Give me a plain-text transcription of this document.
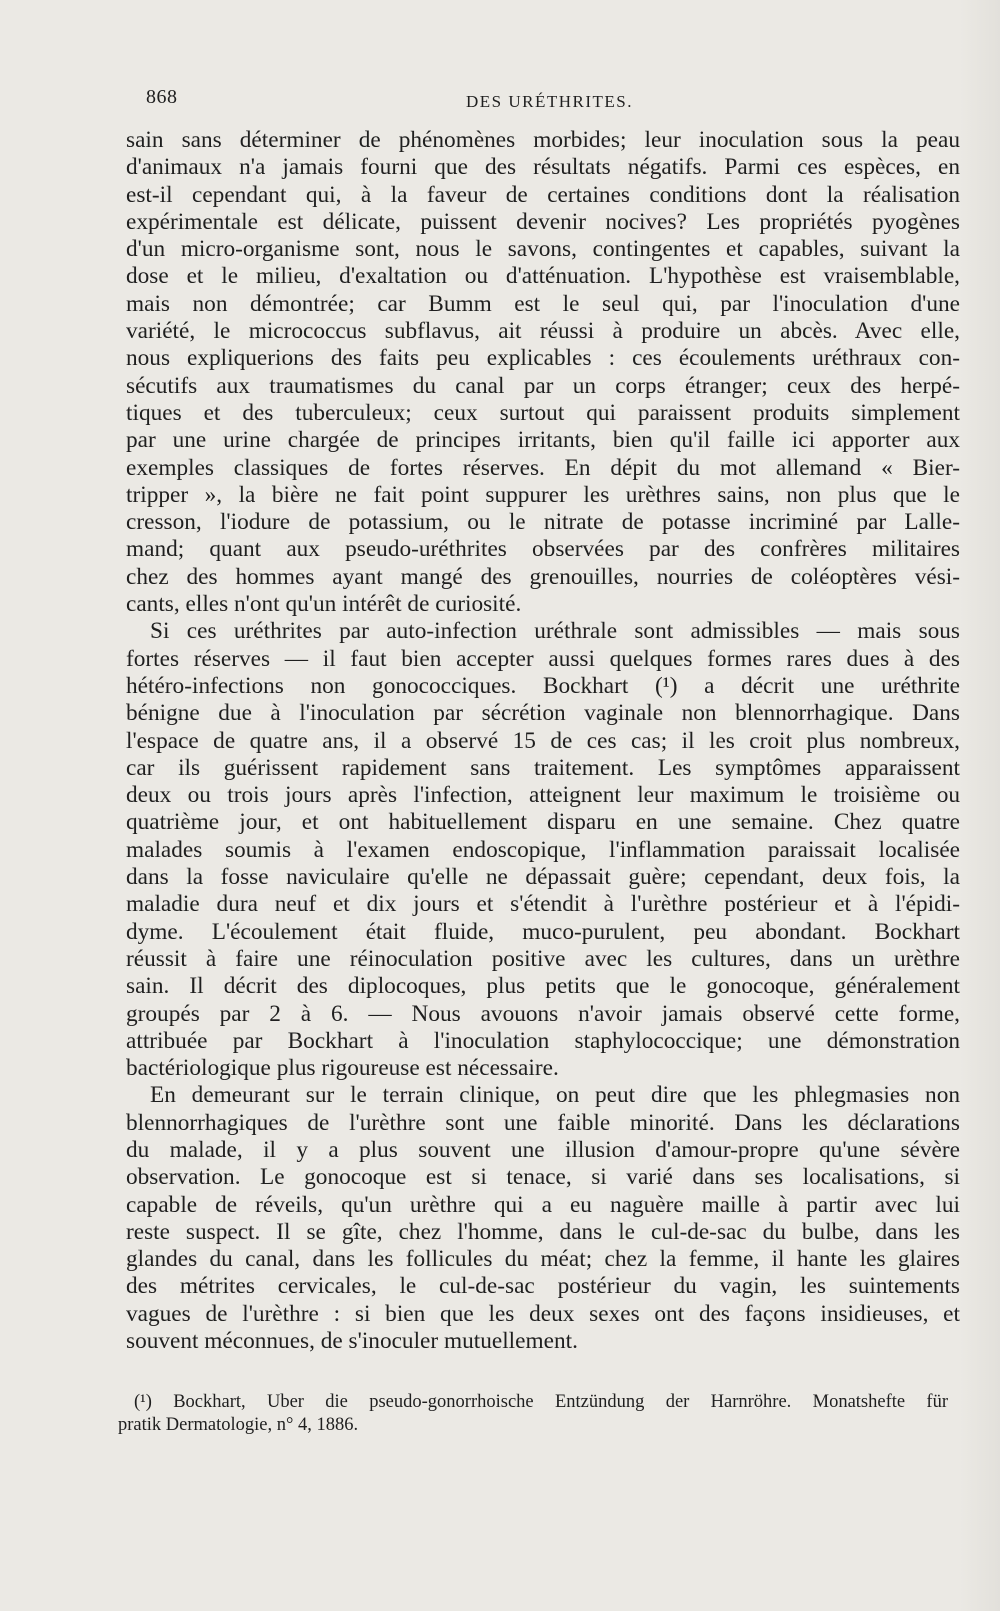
868	DES URÉTHRITES.
sain sans déterminer de phénomènes morbides; leur inoculation sous la peau
d'animaux n'a jamais fourni que des résultats négatifs. Parmi ces espèces, en
est-il cependant qui, à la faveur de certaines conditions dont la réalisation
expérimentale est délicate, puissent devenir nocives? Les propriétés pyogènes
d'un micro-organisme sont, nous le savons, contingentes et capables, suivant la
dose et le milieu, d'exaltation ou d'atténuation. L'hypothèse est vraisemblable,
mais non démontrée; car Bumm est le seul qui, par l'inoculation d'une
variété, le micrococcus subflavus, ait réussi à produire un abcès. Avec elle,
nous expliquerions des faits peu explicables : ces écoulements uréthraux con-
sécutifs aux traumatismes du canal par un corps étranger; ceux des herpé-
tiques et des tuberculeux; ceux surtout qui paraissent produits simplement
par une urine chargée de principes irritants, bien qu'il faille ici apporter aux
exemples classiques de fortes réserves. En dépit du mot allemand « Bier-
tripper », la bière ne fait point suppurer les urèthres sains, non plus que le
cresson, l'iodure de potassium, ou le nitrate de potasse incriminé par Lalle-
mand; quant aux pseudo-uréthrites observées par des confrères militaires
chez des hommes ayant mangé des grenouilles, nourries de coléoptères vési-
cants, elles n'ont qu'un intérêt de curiosité.
Si ces uréthrites par auto-infection uréthrale sont admissibles — mais sous
fortes réserves — il faut bien accepter aussi quelques formes rares dues à des
hétéro-infections non gonococciques. Bockhart (¹) a décrit une uréthrite
bénigne due à l'inoculation par sécrétion vaginale non blennorrhagique. Dans
l'espace de quatre ans, il a observé 15 de ces cas; il les croit plus nombreux,
car ils guérissent rapidement sans traitement. Les symptômes apparaissent
deux ou trois jours après l'infection, atteignent leur maximum le troisième ou
quatrième jour, et ont habituellement disparu en une semaine. Chez quatre
malades soumis à l'examen endoscopique, l'inflammation paraissait localisée
dans la fosse naviculaire qu'elle ne dépassait guère; cependant, deux fois, la
maladie dura neuf et dix jours et s'étendit à l'urèthre postérieur et à l'épidi-
dyme. L'écoulement était fluide, muco-purulent, peu abondant. Bockhart
réussit à faire une réinoculation positive avec les cultures, dans un urèthre
sain. Il décrit des diplocoques, plus petits que le gonocoque, généralement
groupés par 2 à 6. — Nous avouons n'avoir jamais observé cette forme,
attribuée par Bockhart à l'inoculation staphylococcique; une démonstration
bactériologique plus rigoureuse est nécessaire.
En demeurant sur le terrain clinique, on peut dire que les phlegmasies non
blennorrhagiques de l'urèthre sont une faible minorité. Dans les déclarations
du malade, il y a plus souvent une illusion d'amour-propre qu'une sévère
observation. Le gonocoque est si tenace, si varié dans ses localisations, si
capable de réveils, qu'un urèthre qui a eu naguère maille à partir avec lui
reste suspect. Il se gîte, chez l'homme, dans le cul-de-sac du bulbe, dans les
glandes du canal, dans les follicules du méat; chez la femme, il hante les glaires
des métrites cervicales, le cul-de-sac postérieur du vagin, les suintements
vagues de l'urèthre : si bien que les deux sexes ont des façons insidieuses, et
souvent méconnues, de s'inoculer mutuellement.
(¹) Bockhart, Uber die pseudo-gonorrhoische Entzündung der Harnröhre. Monatshefte für
pratik Dermatologie, n° 4, 1886.
